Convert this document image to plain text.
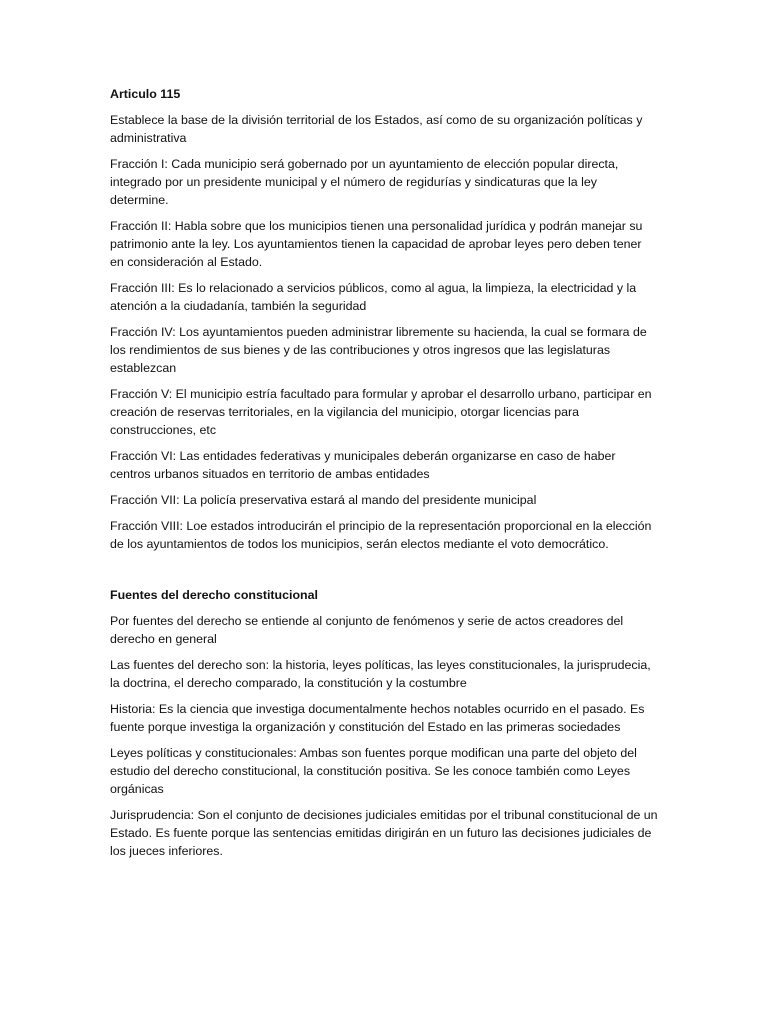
Articulo 115

Establece la base de la división territorial de los Estados, así como de su organización políticas y administrativa

Fracción I: Cada municipio será gobernado por un ayuntamiento de elección popular directa, integrado por un presidente municipal y el número de regidurías y sindicaturas que la ley determine.

Fracción II: Habla sobre que los municipios tienen una personalidad jurídica y podrán manejar su patrimonio ante la ley. Los ayuntamientos tienen la capacidad de aprobar leyes pero deben tener en consideración al Estado.

Fracción III: Es lo relacionado a servicios públicos, como al agua, la limpieza, la electricidad y la atención a la ciudadanía, también la seguridad

Fracción IV: Los ayuntamientos pueden administrar libremente su hacienda, la cual se formara de los rendimientos de sus bienes y de las contribuciones y otros ingresos que las legislaturas establezcan

Fracción V: El municipio estría facultado para formular y aprobar el desarrollo urbano, participar en creación de reservas territoriales, en la vigilancia del municipio, otorgar licencias para construcciones, etc

Fracción VI: Las entidades federativas y municipales deberán organizarse en caso de haber centros urbanos situados en territorio de ambas entidades

Fracción VII: La policía preservativa estará al mando del presidente municipal

Fracción VIII: Loe estados introducirán el principio de la representación proporcional en la elección de los ayuntamientos de todos los municipios, serán electos mediante el voto democrático.

Fuentes del derecho constitucional

Por fuentes del derecho se entiende al conjunto de fenómenos y serie de actos creadores del derecho en general

Las fuentes del derecho son: la historia, leyes políticas, las leyes constitucionales, la jurisprudecia, la doctrina, el derecho comparado, la constitución y la costumbre

Historia: Es la ciencia que investiga documentalmente hechos notables ocurrido en el pasado. Es fuente porque investiga la organización y constitución del Estado en las primeras sociedades

Leyes políticas y constitucionales: Ambas son fuentes porque modifican una parte del objeto del estudio del derecho constitucional, la constitución positiva. Se les conoce también como Leyes orgánicas

Jurisprudencia: Son el conjunto de decisiones judiciales emitidas por el tribunal constitucional de un Estado. Es fuente porque las sentencias emitidas dirigirán en un futuro las decisiones judiciales de los jueces inferiores.
